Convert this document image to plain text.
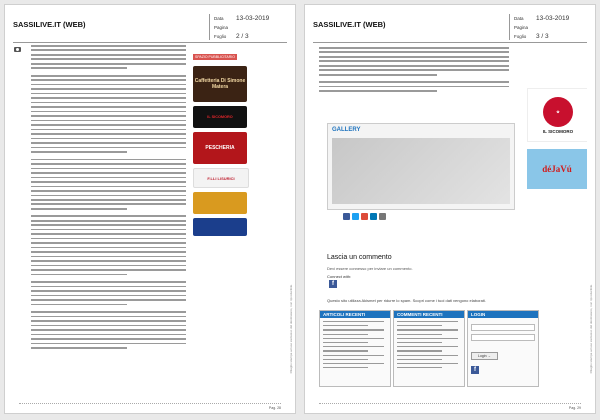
SASSILIVE.IT (WEB)
Data 13-03-2019
Pagina
Foglio 2 / 3
SPAZIO PUBBLICITARIO
Caffetteria Di Simone Matera
IL SICOMORO
PESCHERIA
F.LLI LISURICI
Ritaglio stampa ad uso esclusivo del destinatario, non riproducibile.
Pag. 28
SASSILIVE.IT (WEB)
Data 13-03-2019
Pagina
Foglio 3 / 3
GALLERY
Lascia un commento
Devi essere connesso per inviare un commento.
Connect with:
f
Questo sito utilizza Akismet per ridurre lo spam. Scopri come i tuoi dati vengono elaborati.
ARTICOLI RECENTI	COMMENTI RECENTI	LOGIN
Login →
f
✿
IL SICOMORO
déJaVú
Ritaglio stampa ad uso esclusivo del destinatario, non riproducibile.
Pag. 29
